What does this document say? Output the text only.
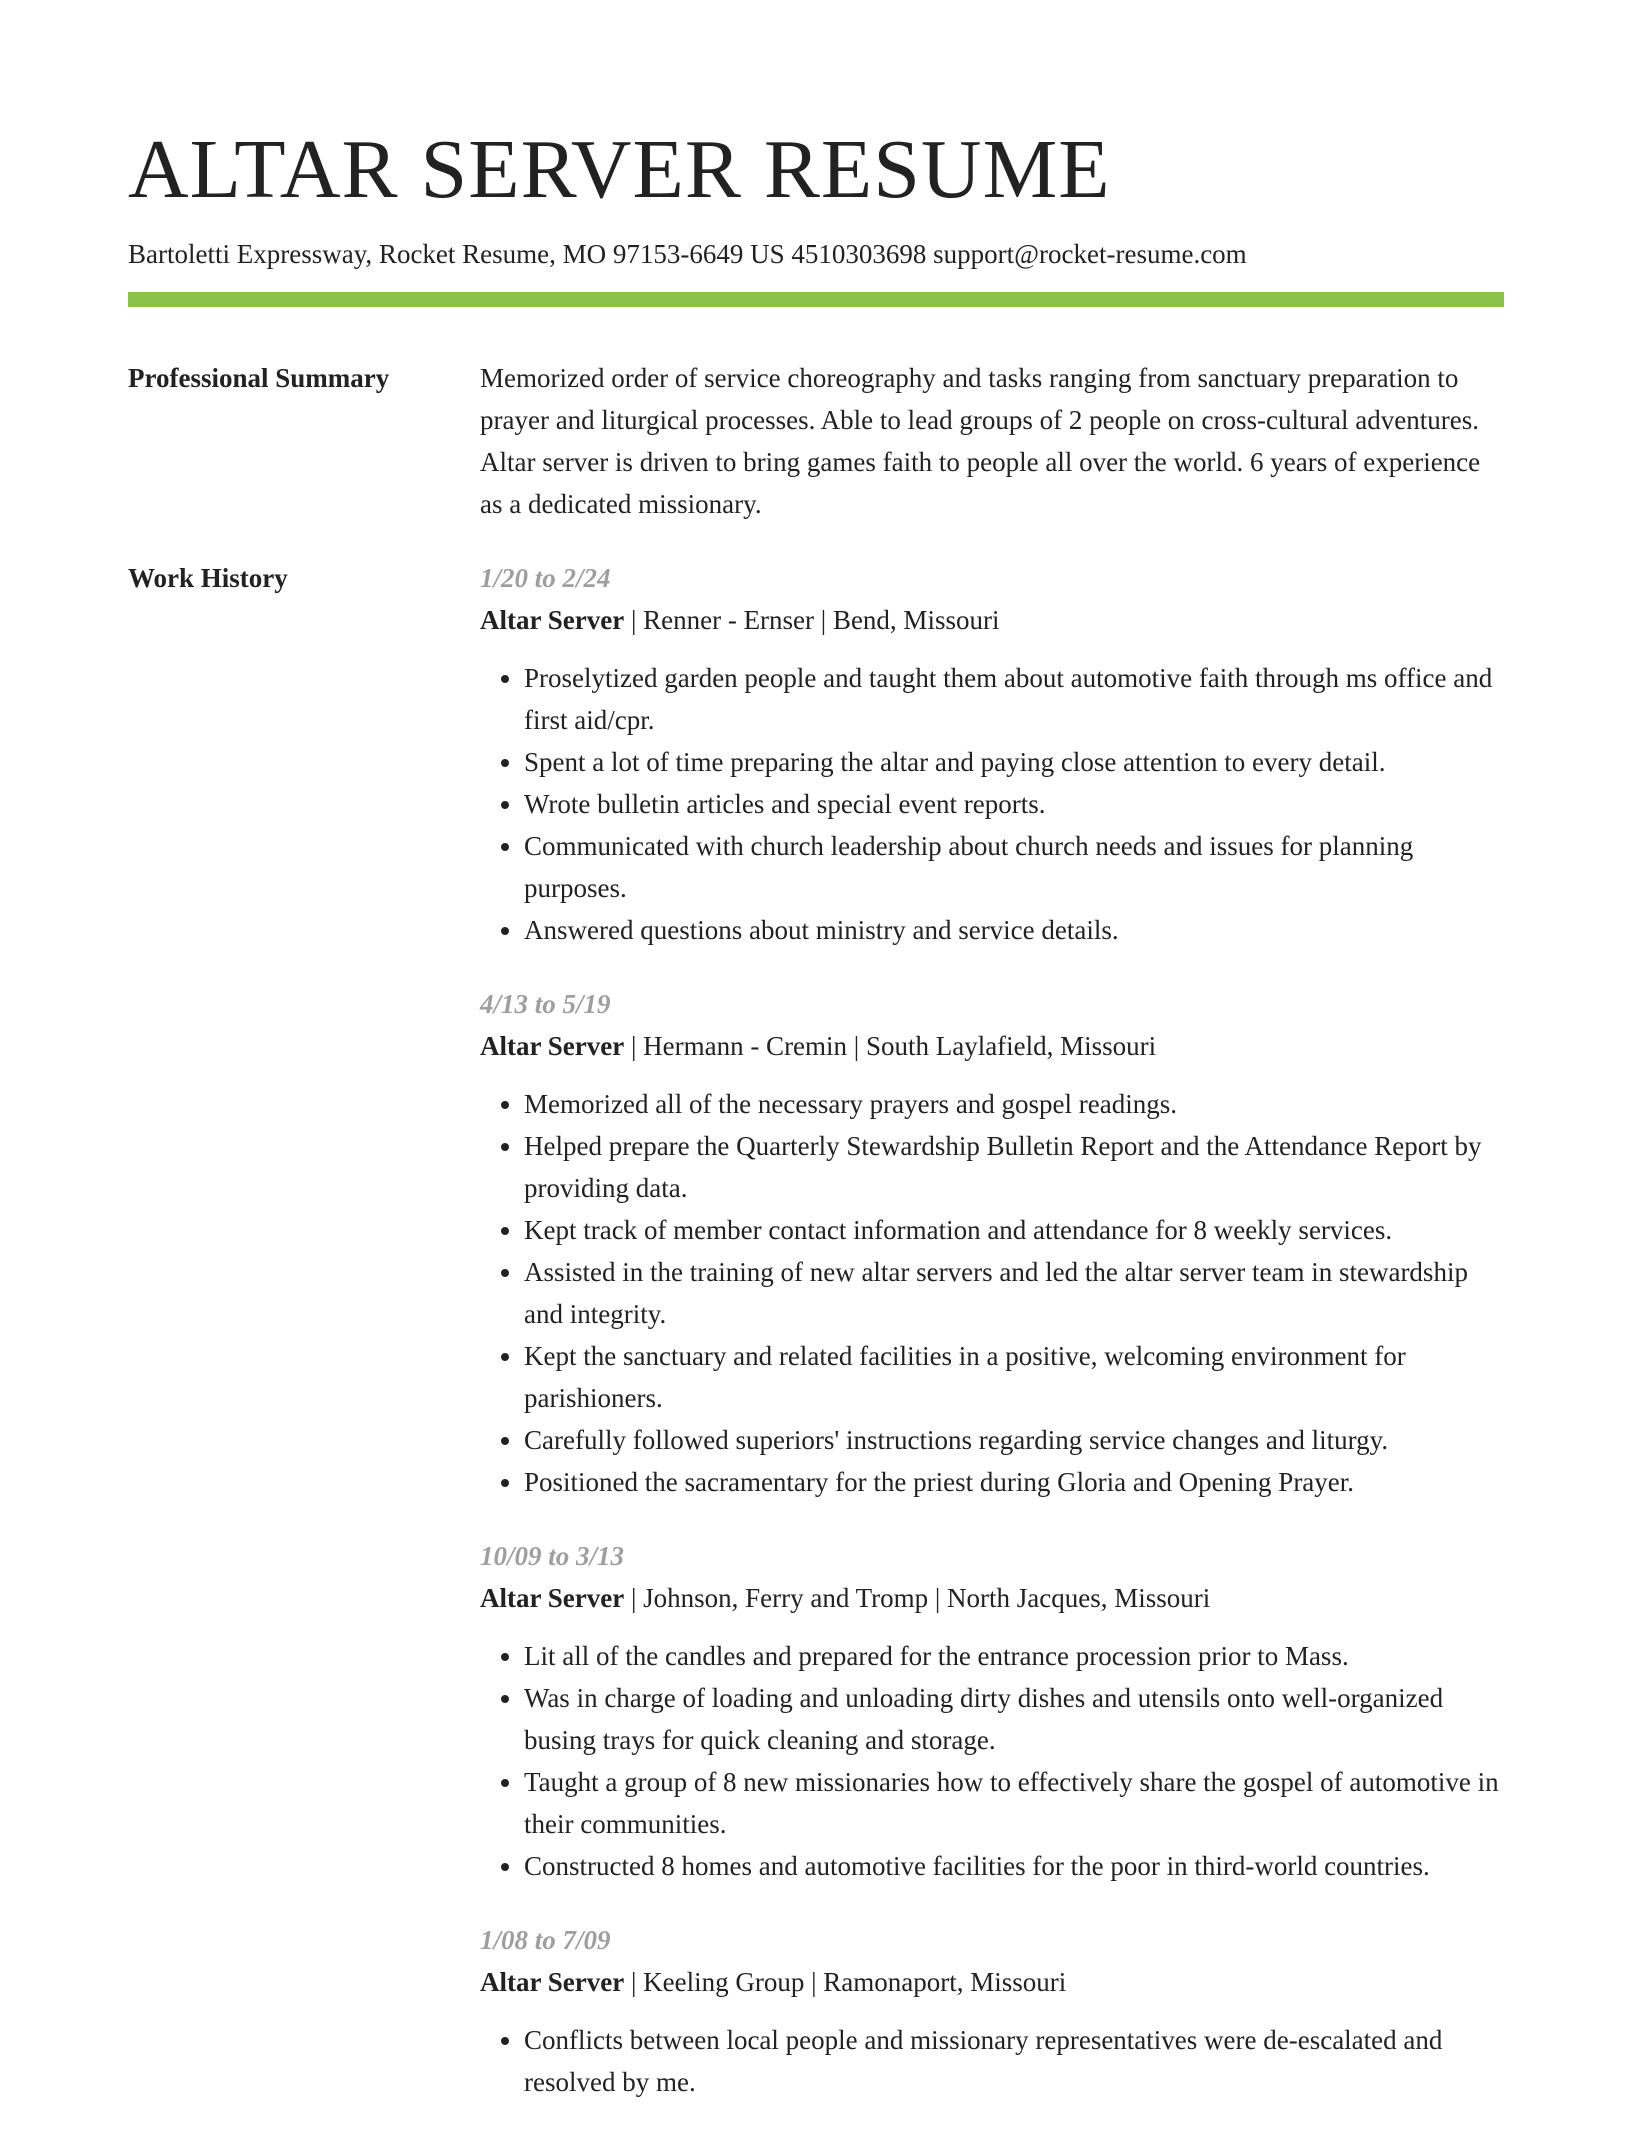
ALTAR SERVER RESUME
Bartoletti Expressway, Rocket Resume, MO 97153-6649 US 4510303698 support@rocket-resume.com
Professional Summary	Memorized order of service choreography and tasks ranging from sanctuary preparation to prayer and liturgical processes. Able to lead groups of 2 people on cross-cultural adventures. Altar server is driven to bring games faith to people all over the world. 6 years of experience as a dedicated missionary.

Work History	1/20 to 2/24
Altar Server | Renner - Ernser | Bend, Missouri
• Proselytized garden people and taught them about automotive faith through ms office and first aid/cpr.
• Spent a lot of time preparing the altar and paying close attention to every detail.
• Wrote bulletin articles and special event reports.
• Communicated with church leadership about church needs and issues for planning purposes.
• Answered questions about ministry and service details.
4/13 to 5/19
Altar Server | Hermann - Cremin | South Laylafield, Missouri
• Memorized all of the necessary prayers and gospel readings.
• Helped prepare the Quarterly Stewardship Bulletin Report and the Attendance Report by providing data.
• Kept track of member contact information and attendance for 8 weekly services.
• Assisted in the training of new altar servers and led the altar server team in stewardship and integrity.
• Kept the sanctuary and related facilities in a positive, welcoming environment for parishioners.
• Carefully followed superiors' instructions regarding service changes and liturgy.
• Positioned the sacramentary for the priest during Gloria and Opening Prayer.
10/09 to 3/13
Altar Server | Johnson, Ferry and Tromp | North Jacques, Missouri
• Lit all of the candles and prepared for the entrance procession prior to Mass.
• Was in charge of loading and unloading dirty dishes and utensils onto well-organized busing trays for quick cleaning and storage.
• Taught a group of 8 new missionaries how to effectively share the gospel of automotive in their communities.
• Constructed 8 homes and automotive facilities for the poor in third-world countries.
1/08 to 7/09
Altar Server | Keeling Group | Ramonaport, Missouri
• Conflicts between local people and missionary representatives were de-escalated and resolved by me.
